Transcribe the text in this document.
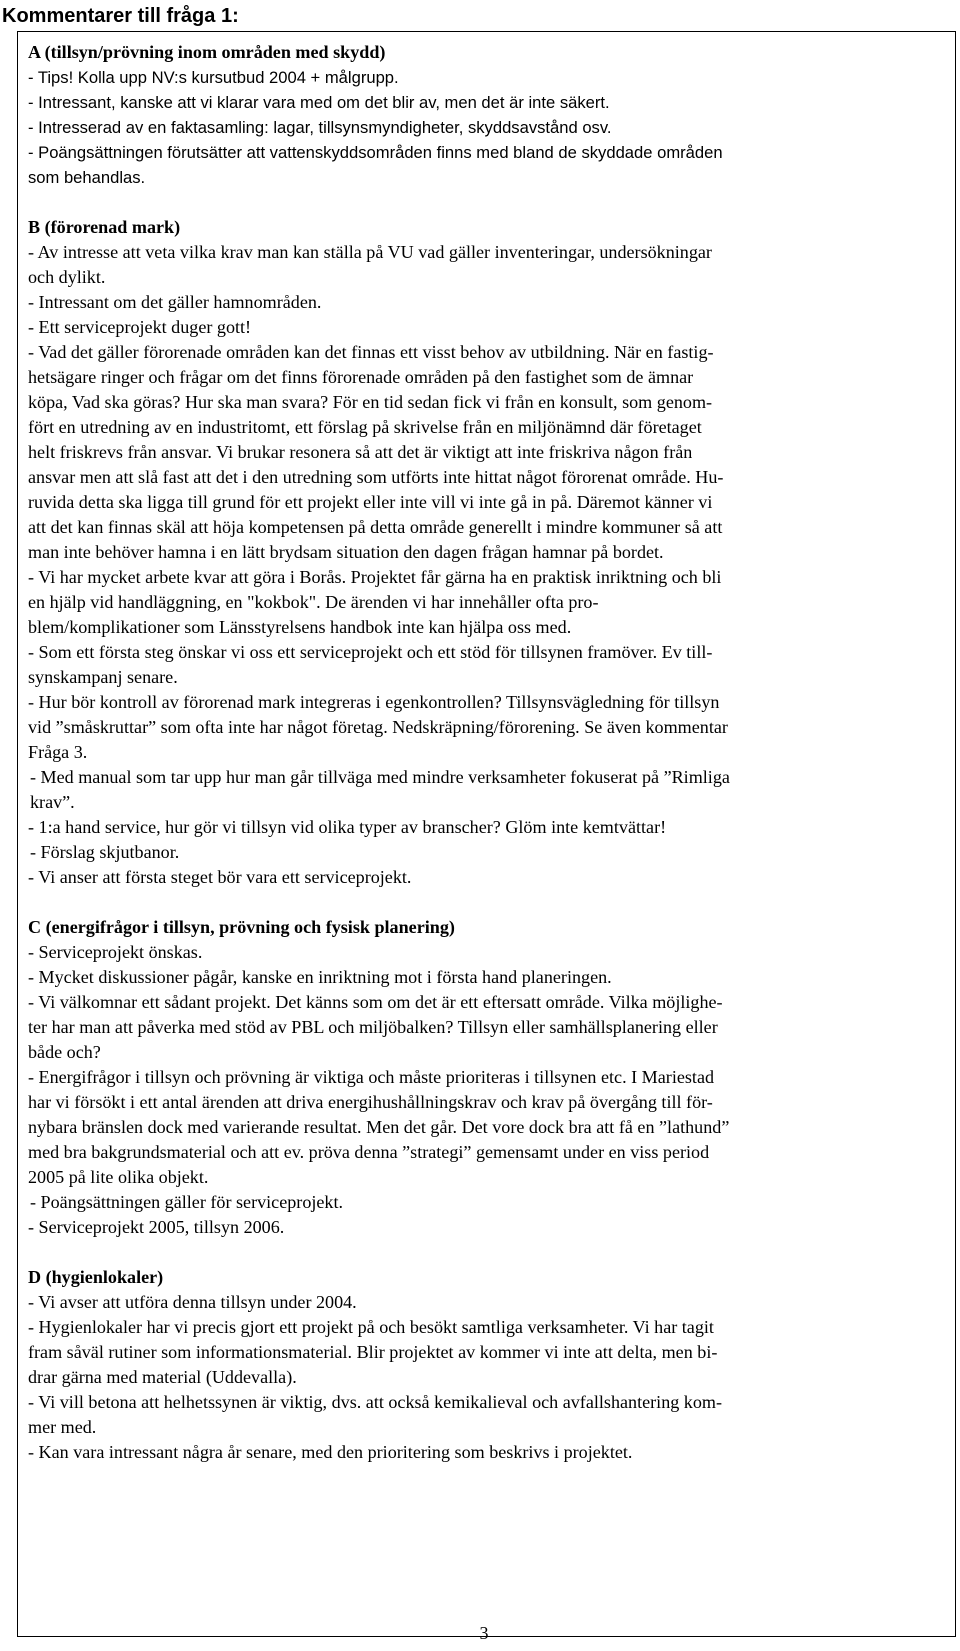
Kommentarer till fråga 1:
A (tillsyn/prövning inom områden med skydd)
- Tips! Kolla upp NV:s kursutbud 2004 + målgrupp.
- Intressant, kanske att vi klarar vara med om det blir av, men det är inte säkert.
- Intresserad av en faktasamling: lagar, tillsynsmyndigheter, skyddsavstånd osv.
- Poängsättningen förutsätter att vattenskyddsområden finns med bland de skyddade områden
som behandlas.
B (förorenad mark)
- Av intresse att veta vilka krav man kan ställa på VU vad gäller inventeringar, undersökningar
och dylikt.
- Intressant om det gäller hamnområden.
- Ett serviceprojekt duger gott!
- Vad det gäller förorenade områden kan det finnas ett visst behov av utbildning. När en fastig-
hetsägare ringer och frågar om det finns förorenade områden på den fastighet som de ämnar
köpa, Vad ska göras? Hur ska man svara? För en tid sedan fick vi från en konsult, som genom-
fört en utredning av en industritomt, ett förslag på skrivelse från en miljönämnd där företaget
helt friskrevs från ansvar. Vi brukar resonera så att det är viktigt att inte friskriva någon från
ansvar men att slå fast att det i den utredning som utförts inte hittat något förorenat område. Hu-
ruvida detta ska ligga till grund för ett projekt eller inte vill vi inte gå in på. Däremot känner vi
att det kan finnas skäl att höja kompetensen på detta område generellt i mindre kommuner så att
man inte behöver hamna i en lätt brydsam situation den dagen frågan hamnar på bordet.
- Vi har mycket arbete kvar att göra i Borås. Projektet får gärna ha en praktisk inriktning och bli
en hjälp vid handläggning, en "kokbok". De ärenden vi har innehåller ofta pro-
blem/komplikationer som Länsstyrelsens handbok inte kan hjälpa oss med.
- Som ett första steg önskar vi oss ett serviceprojekt och ett stöd för tillsynen framöver. Ev till-
synskampanj senare.
- Hur bör kontroll av förorenad mark integreras i egenkontrollen? Tillsynsvägledning för tillsyn
vid ”småskruttar” som ofta inte har något företag. Nedskräpning/förorening. Se även kommentar
Fråga 3.
- Med manual som tar upp hur man går tillväga med mindre verksamheter fokuserat på ”Rimliga
krav”.
- 1:a hand service, hur gör vi tillsyn vid olika typer av branscher? Glöm inte kemtvättar!
- Förslag skjutbanor.
- Vi anser att första steget bör vara ett serviceprojekt.
C (energifrågor i tillsyn, prövning och fysisk planering)
- Serviceprojekt önskas.
- Mycket diskussioner pågår, kanske en inriktning mot i första hand planeringen.
- Vi välkomnar ett sådant projekt. Det känns som om det är ett eftersatt område. Vilka möjlighe-
ter har man att påverka med stöd av PBL och miljöbalken? Tillsyn eller samhällsplanering eller
både och?
- Energifrågor i tillsyn och prövning är viktiga och måste prioriteras i tillsynen etc. I Mariestad
har vi försökt i ett antal ärenden att driva energihushållningskrav och krav på övergång till för-
nybara bränslen dock med varierande resultat. Men det går. Det vore dock bra att få en ”lathund”
med bra bakgrundsmaterial och att ev. pröva denna ”strategi” gemensamt under en viss period
2005 på lite olika objekt.
- Poängsättningen gäller för serviceprojekt.
- Serviceprojekt 2005, tillsyn 2006.
D (hygienlokaler)
- Vi avser att utföra denna tillsyn under 2004.
- Hygienlokaler har vi precis gjort ett projekt på och besökt samtliga verksamheter. Vi har tagit
fram såväl rutiner som informationsmaterial. Blir projektet av kommer vi inte att delta, men bi-
drar gärna med material (Uddevalla).
- Vi vill betona att helhetssynen är viktig, dvs. att också kemikalieval och avfallshantering kom-
mer med.
- Kan vara intressant några år senare, med den prioritering som beskrivs i projektet.
3
